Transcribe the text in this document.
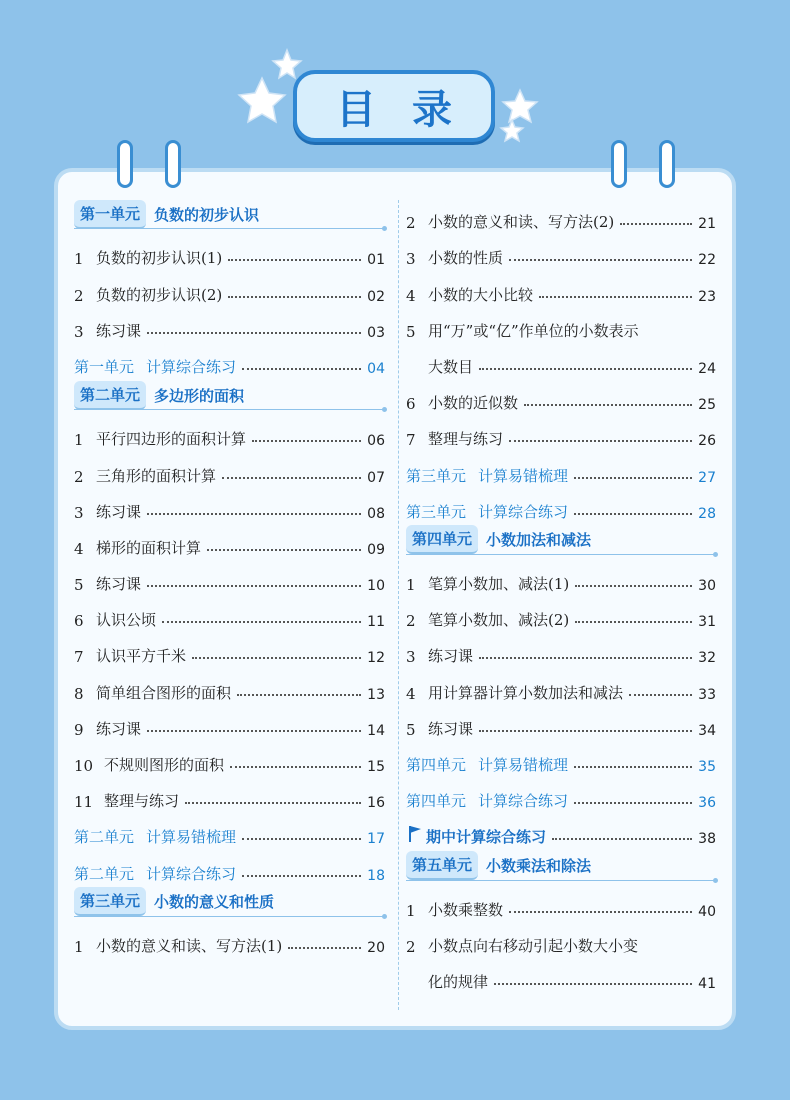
目录
第一单元 负数的初步认识
1 负数的初步认识(1)	01
2 负数的初步认识(2)	02
3 练习课	03
第一单元 计算综合练习	04
第二单元 多边形的面积
1 平行四边形的面积计算	06
2 三角形的面积计算	07
3 练习课	08
4 梯形的面积计算	09
5 练习课	10
6 认识公顷	11
7 认识平方千米	12
8 简单组合图形的面积	13
9 练习课	14
10 不规则图形的面积	15
11 整理与练习	16
第二单元 计算易错梳理	17
第二单元 计算综合练习	18
第三单元 小数的意义和性质
1 小数的意义和读、写方法(1)	20
2 小数的意义和读、写方法(2)	21
3 小数的性质	22
4 小数的大小比较	23
5 用“万”或“亿”作单位的小数表示
大数目	24
6 小数的近似数	25
7 整理与练习	26
第三单元 计算易错梳理	27
第三单元 计算综合练习	28
第四单元 小数加法和减法
1 笔算小数加、减法(1)	30
2 笔算小数加、减法(2)	31
3 练习课	32
4 用计算器计算小数加法和减法	33
5 练习课	34
第四单元 计算易错梳理	35
第四单元 计算综合练习	36
期中计算综合练习	38
第五单元 小数乘法和除法
1 小数乘整数	40
2 小数点向右移动引起小数大小变
化的规律	41
